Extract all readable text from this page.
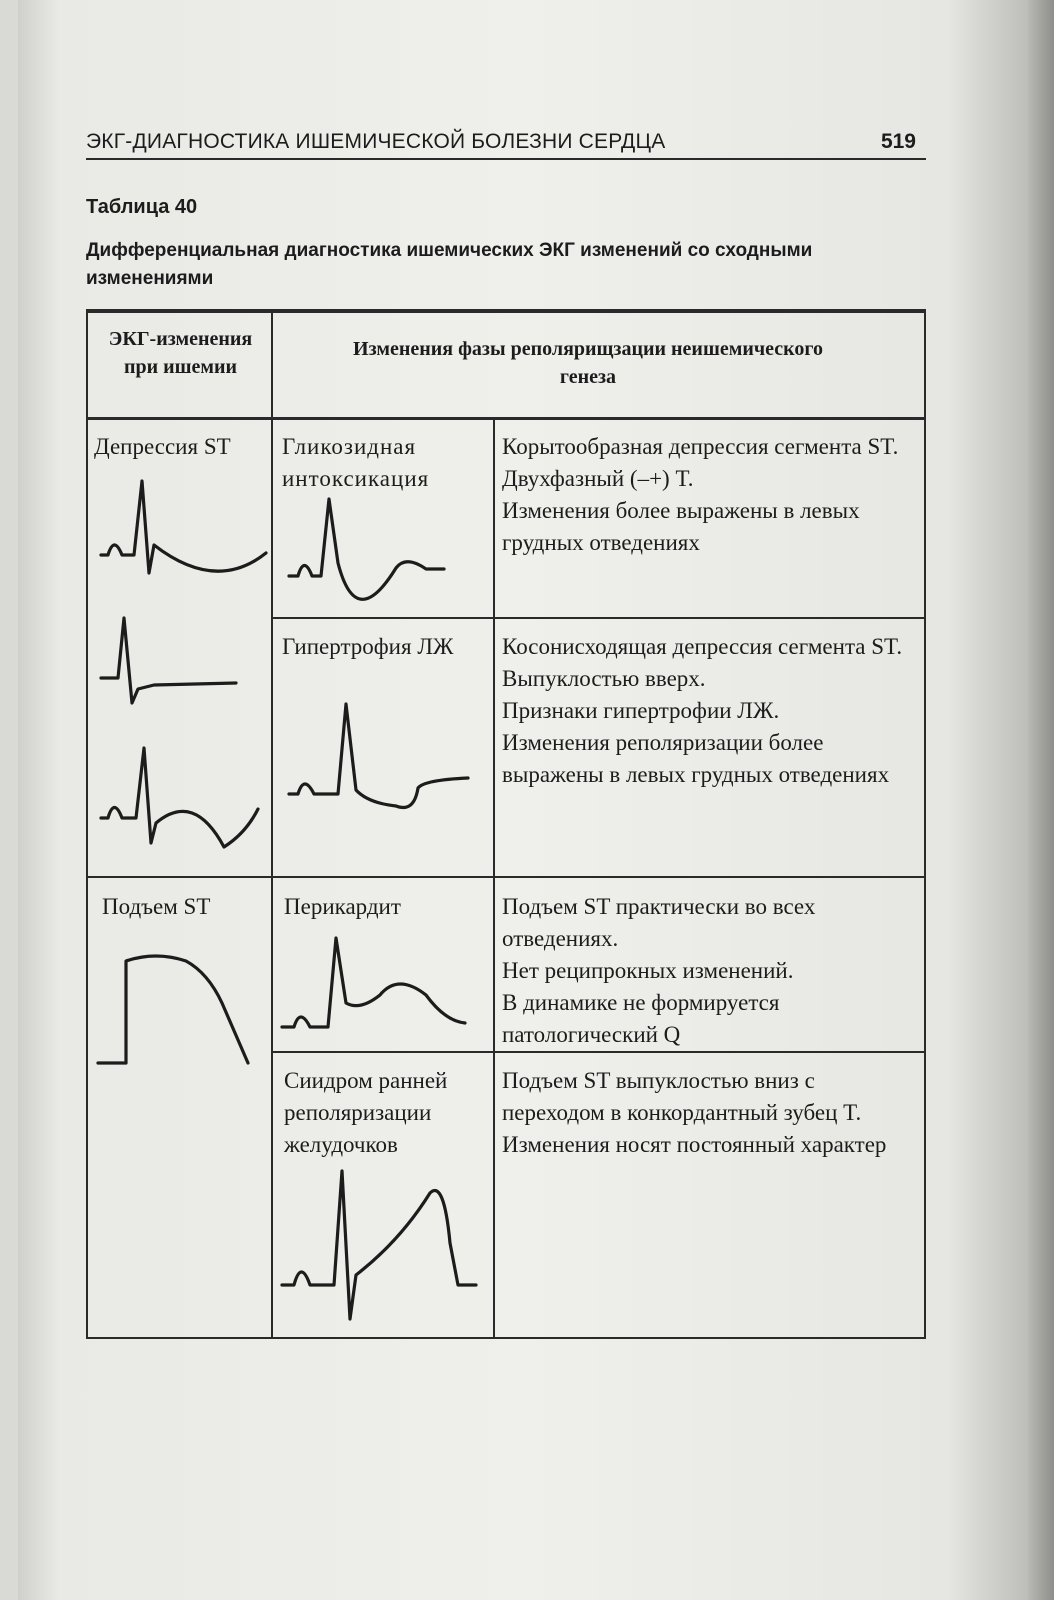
ЭКГ-ДИАГНОСТИКА ИШЕМИЧЕСКОЙ БОЛЕЗНИ СЕРДЦА	519
Таблица 40
Дифференциальная диагностика ишемических ЭКГ изменений со сходными изменениями
ЭКГ-изменения при ишемии
Изменения фазы реполярищзации неишемического генеза
Депрессия ST
Подъем ST
Гликозидная интоксикация
Гипертрофия ЛЖ
Перикардит
Сиидром ранней реполяризации желудочков

Корытообразная депрессия сегмента ST.

Двухфазный (–+) T.

Изменения более выражены в левых грудных отведениях

Косонисходящая депрессия сегмента ST.

Выпуклостью вверх.

Признаки гипертрофии ЛЖ.

Изменения реполяризации более выражены в левых грудных отведениях

Подъем ST практически во всех отведениях.

Нет реципрокных изменений.

В динамике не формируется патологический Q

Подъем ST выпуклостью вниз с переходом в конкордантный зубец T.

Изменения носят постоянный характер
